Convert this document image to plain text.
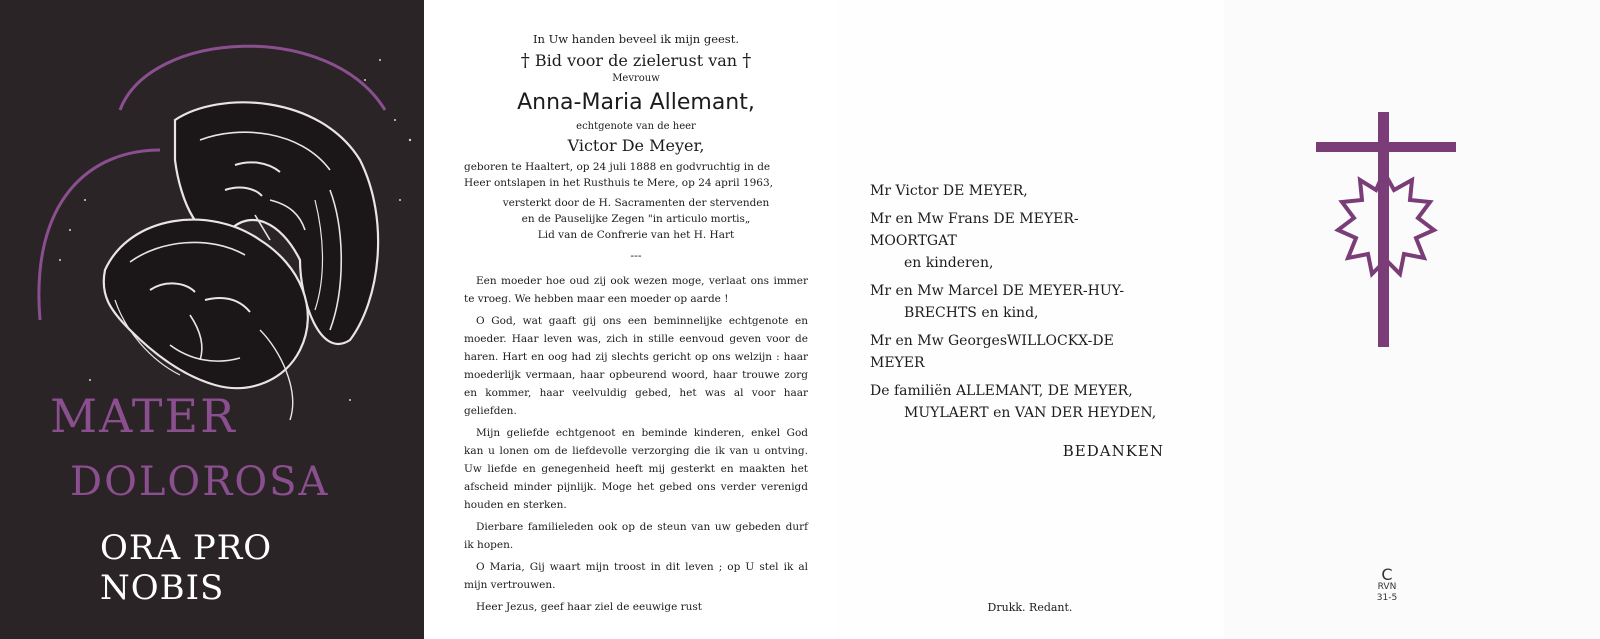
MATER
DOLOROSA
ORA PRO NOBIS
In Uw handen beveel ik mijn geest.
† Bid voor de zielerust van †
Mevrouw
Anna-Maria Allemant,
echtgenote van de heer
Victor De Meyer,
geboren te Haaltert, op 24 juli 1888 en godvruchtig in de
Heer ontslapen in het Rusthuis te Mere, op 24 april 1963,
versterkt door de H. Sacramenten der stervenden
en de Pauselijke Zegen "in articulo mortis„
Lid van de Confrerie van het H. Hart
---
Een moeder hoe oud zij ook wezen moge, verlaat ons immer te vroeg. We hebben maar een moeder op aarde !
O God, wat gaaft gij ons een beminnelijke echtgenote en moeder. Haar leven was, zich in stille eenvoud geven voor de haren. Hart en oog had zij slechts gericht op ons welzijn : haar moederlijk vermaan, haar opbeurend woord, haar trouwe zorg en kommer, haar veelvuldig gebed, het was al voor haar geliefden.
Mijn geliefde echtgenoot en beminde kinderen, enkel God kan u lonen om de liefdevolle verzorging die ik van u ontving. Uw liefde en genegenheid heeft mij gesterkt en maakten het afscheid minder pijnlijk. Moge het gebed ons verder verenigd houden en sterken.
Dierbare familieleden ook op de steun van uw gebeden durf ik hopen.
O Maria, Gij waart mijn troost in dit leven ; op U stel ik al mijn vertrouwen.
Heer Jezus, geef haar ziel de eeuwige rust
Mr Victor DE MEYER,
Mr en Mw Frans DE MEYER-MOORTGAT
en kinderen,
Mr en Mw Marcel DE MEYER-HUY-
BRECHTS en kind,
Mr en Mw GeorgesWILLOCKX-DE MEYER
De familiën ALLEMANT, DE MEYER,
MUYLAERT en VAN DER HEYDEN,
BEDANKEN
Drukk. Redant.
C
RVN
31-5
